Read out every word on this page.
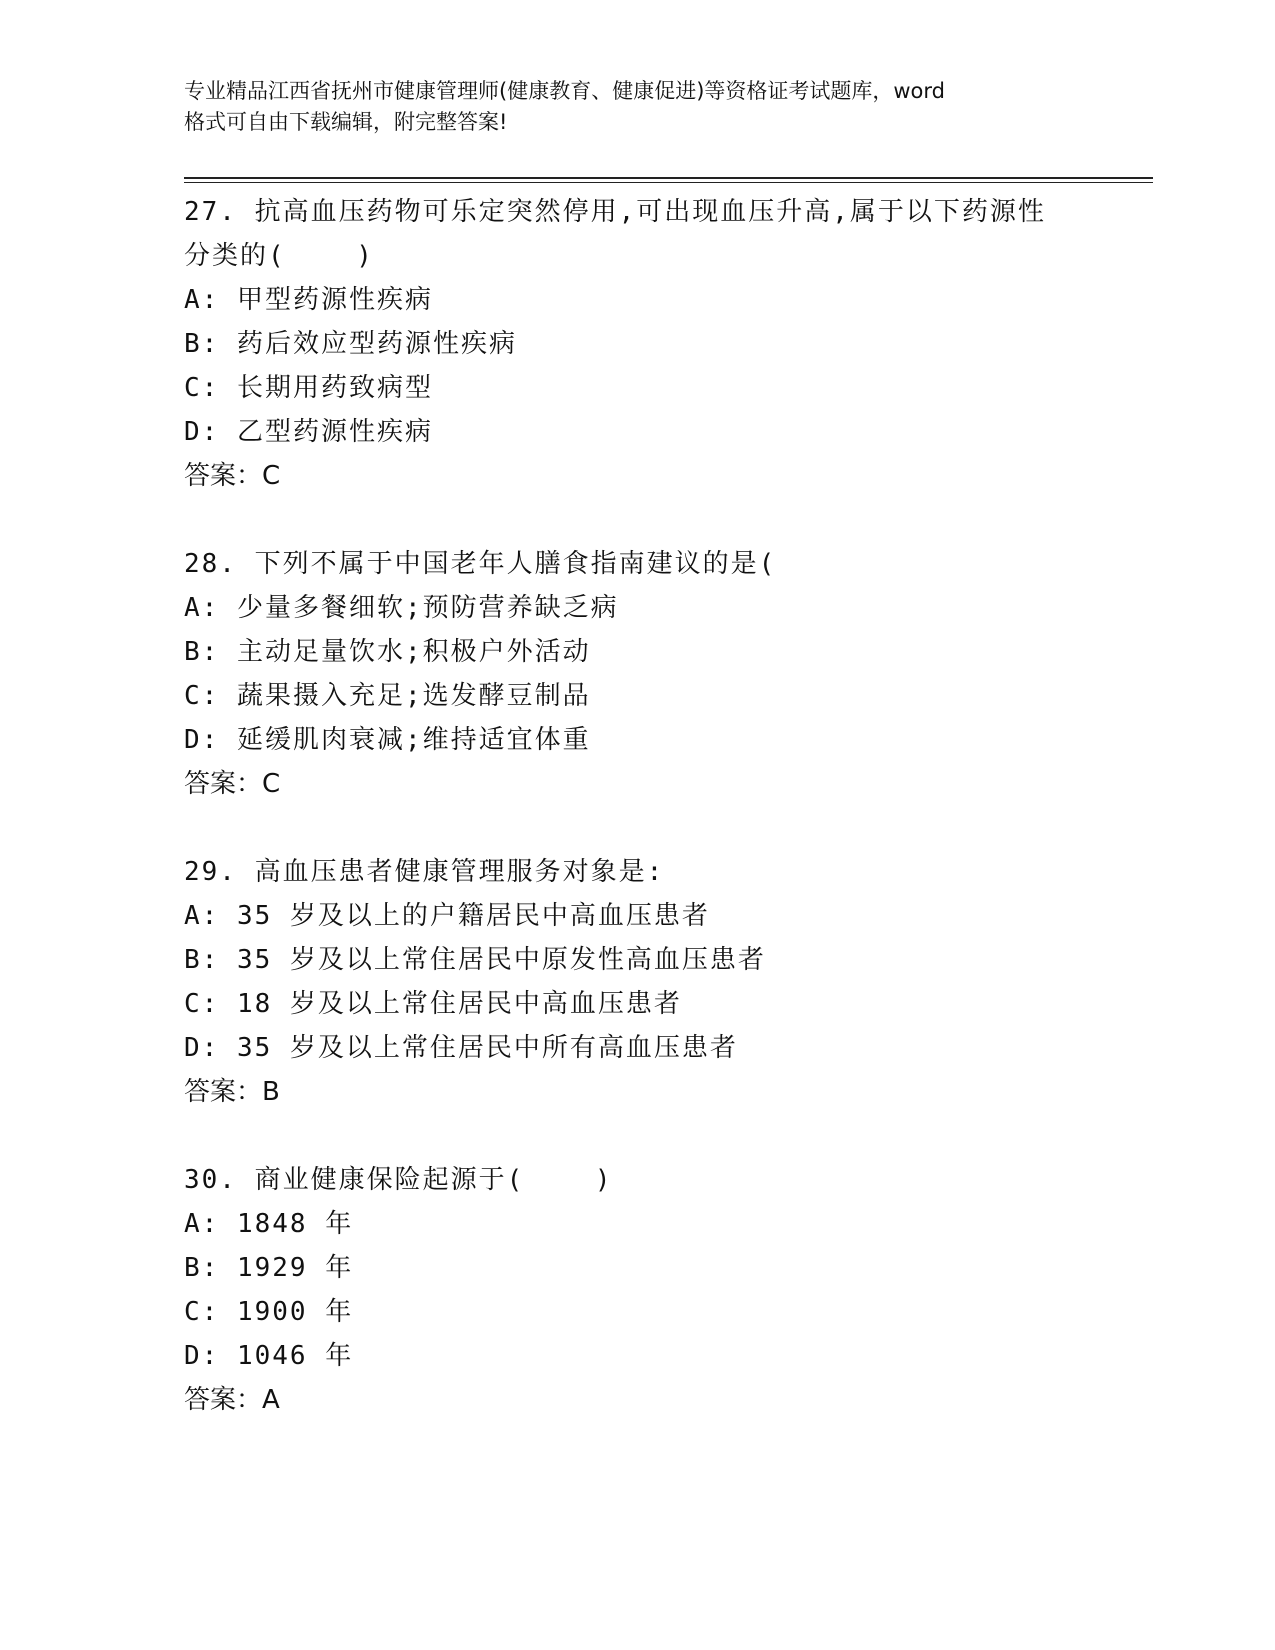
专业精品江西省抚州市健康管理师(健康教育、健康促进)等资格证考试题库，word
格式可自由下载编辑，附完整答案!
27. 抗高血压药物可乐定突然停用,可出现血压升高,属于以下药源性
分类的(    )
A: 甲型药源性疾病
B: 药后效应型药源性疾病
C: 长期用药致病型
D: 乙型药源性疾病
答案：C
28. 下列不属于中国老年人膳食指南建议的是(
A: 少量多餐细软;预防营养缺乏病
B: 主动足量饮水;积极户外活动
C: 蔬果摄入充足;选发酵豆制品
D: 延缓肌肉衰减;维持适宜体重
答案：C
29. 高血压患者健康管理服务对象是:
A: 35 岁及以上的户籍居民中高血压患者
B: 35 岁及以上常住居民中原发性高血压患者
C: 18 岁及以上常住居民中高血压患者
D: 35 岁及以上常住居民中所有高血压患者
答案：B
30. 商业健康保险起源于(    )
A: 1848 年
B: 1929 年
C: 1900 年
D: 1046 年
答案：A
